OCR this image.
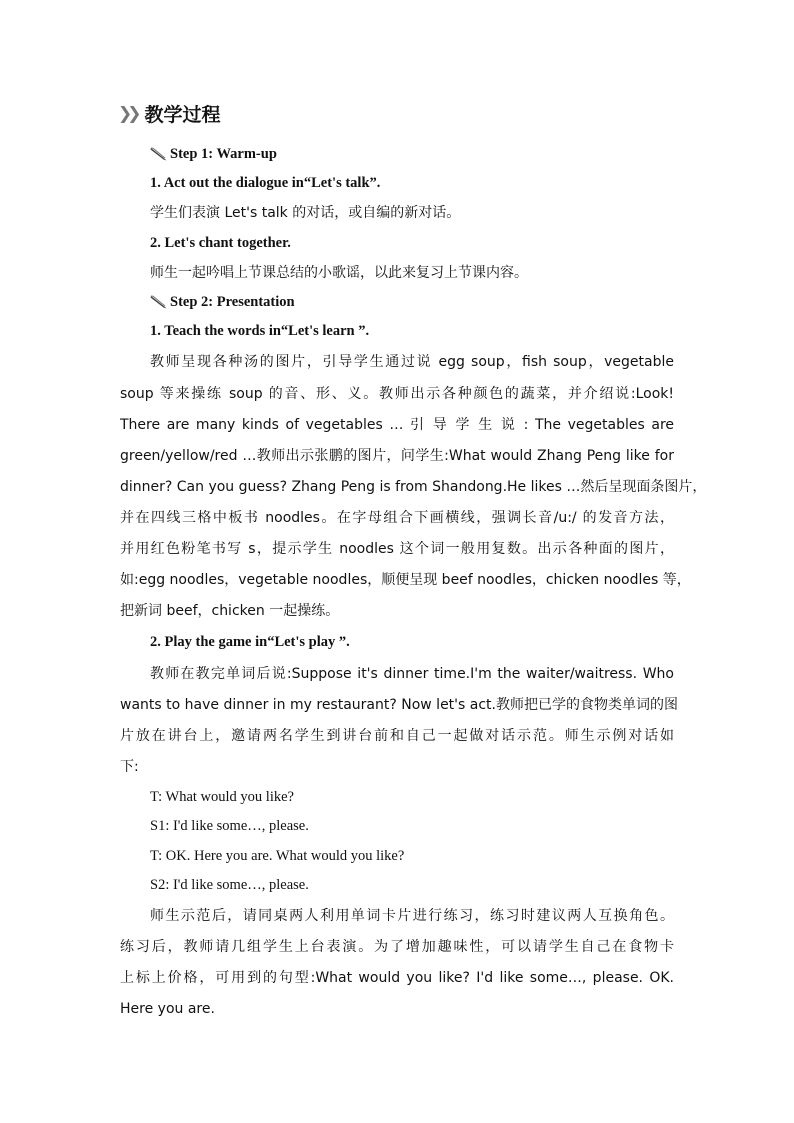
❯❯ 教学过程
Step 1: Warm-up
1. Act out the dialogue in“Let's talk”.
学生们表演 Let's talk 的对话，或自编的新对话。
2. Let's chant together.
师生一起吟唱上节课总结的小歌谣，以此来复习上节课内容。
Step 2: Presentation
1. Teach the words in“Let's learn ”.
教师呈现各种汤的图片，引导学生通过说 egg soup，fish soup，vegetable
soup 等来操练 soup 的音、形、义。教师出示各种颜色的蔬菜，并介绍说:Look!
There are many kinds of vegetables … 引 导 学 生 说 : The vegetables are
green/yellow/red …教师出示张鹏的图片，问学生:What would Zhang Peng like for
dinner? Can you guess? Zhang Peng is from Shandong.He likes …然后呈现面条图片，
并在四线三格中板书 noodles。在字母组合下画横线，强调长音/u:/ 的发音方法，
并用红色粉笔书写 s，提示学生 noodles 这个词一般用复数。出示各种面的图片，
如:egg noodles，vegetable noodles，顺便呈现 beef noodles，chicken noodles 等，
把新词 beef，chicken 一起操练。
2. Play the game in“Let's play ”.
教师在教完单词后说:Suppose it's dinner time.I'm the waiter/waitress. Who
wants to have dinner in my restaurant? Now let's act.教师把已学的食物类单词的图
片放在讲台上，邀请两名学生到讲台前和自己一起做对话示范。师生示例对话如
下:
T: What would you like?
S1: I'd like some…, please.
T: OK. Here you are. What would you like?
S2: I'd like some…, please.
师生示范后，请同桌两人利用单词卡片进行练习，练习时建议两人互换角色。
练习后，教师请几组学生上台表演。为了增加趣味性，可以请学生自己在食物卡
上标上价格，可用到的句型:What would you like? I'd like some…, please. OK.
Here you are.
